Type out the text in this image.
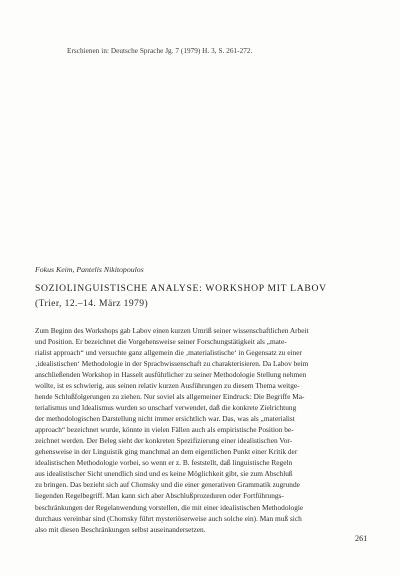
Erschienen in: Deutsche Sprache Jg. 7 (1979) H. 3, S. 261-272.
Fokus Keim, Pantelis Nikitopoulos
SOZIOLINGUISTISCHE ANALYSE: WORKSHOP MIT LABOV
(Trier, 12.–14. März 1979)
Zum Beginn des Workshops gab Labov einen kurzen Umriß seiner wissenschaftlichen Arbeit
und Position. Er bezeichnet die Vorgehensweise seiner Forschungstätigkeit als „mate-
rialist approach“ und versuchte ganz allgemein die ‚materialistische‘ in Gegensatz zu einer
‚idealistischen‘ Methodologie in der Sprachwissenschaft zu charakterisieren. Da Labov beim
anschließenden Workshop in Hasselt ausführlicher zu seiner Methodologie Stellung nehmen
wollte, ist es schwierig, aus seinen relativ kurzen Ausführungen zu diesem Thema weitge-
hende Schlußfolgerungen zu ziehen. Nur soviel als allgemeiner Eindruck: Die Begriffe Ma-
terialismus und Idealismus wurden so unscharf verwendet, daß die konkrete Zielrichtung
der methodologischen Darstellung nicht immer ersichtlich war. Das, was als „materialist
approach“ bezeichnet wurde, könnte in vielen Fällen auch als empiristische Position be-
zeichnet werden. Der Beleg sieht der konkreten Spezifizierung einer idealistischen Vor-
gehensweise in der Linguistik ging manchmal an dem eigentlichen Punkt einer Kritik der
idealistischen Methodologie vorbei, so wenn er z. B. feststellt, daß linguistische Regeln
aus idealistischer Sicht unendlich sind und es keine Möglichkeit gibt, sie zum Abschluß
zu bringen. Das bezieht sich auf Chomsky und die einer generativen Grammatik zugrunde
liegenden Regelbegriff. Man kann sich aber Abschlußprozeduren oder Fortführungs-
beschränkungen der Regelanwendung vorstellen, die mit einer idealistischen Methodologie
durchaus vereinbar sind (Chomsky führt mysteriöserweise auch solche ein). Man muß sich
also mit diesen Beschränkungen selbst auseinandersetzen.
261
